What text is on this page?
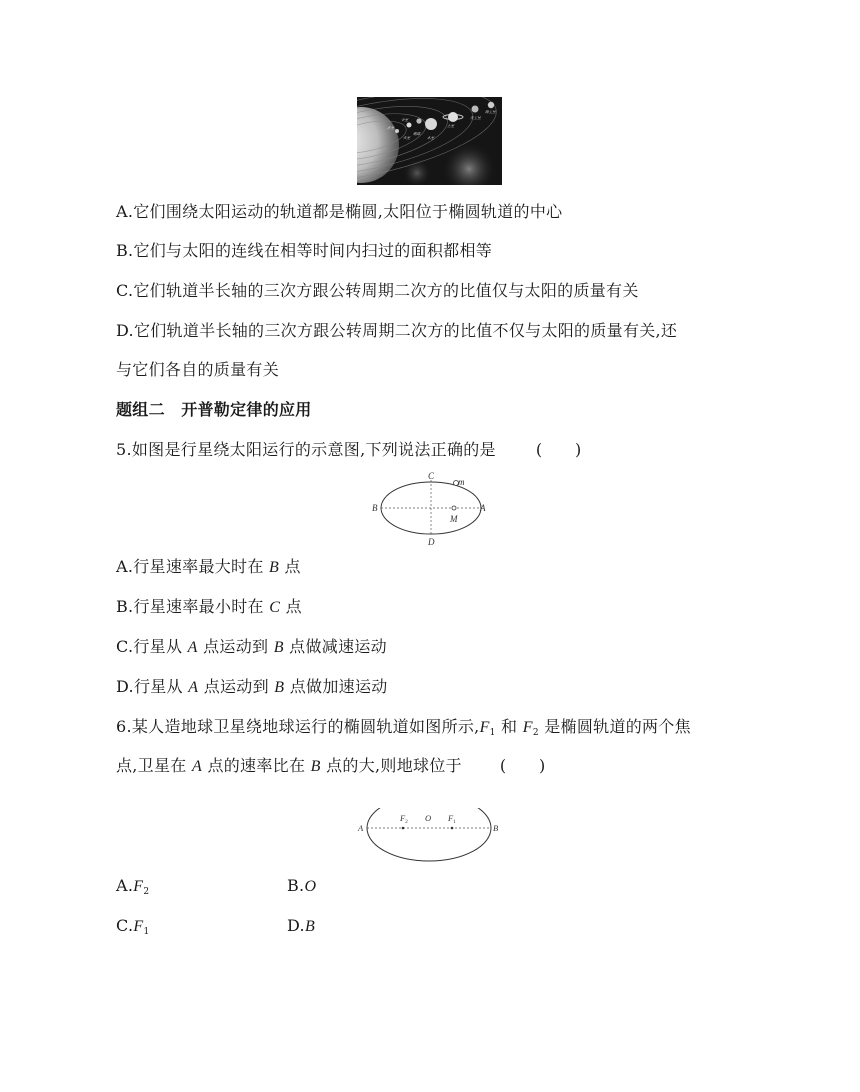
水星
金星
地球
火星	木星
土星
天王星
海王星
A.它们围绕太阳运动的轨道都是椭圆,太阳位于椭圆轨道的中心
B.它们与太阳的连线在相等时间内扫过的面积都相等
C.它们轨道半长轴的三次方跟公转周期二次方的比值仅与太阳的质量有关
D.它们轨道半长轴的三次方跟公转周期二次方的比值不仅与太阳的质量有关,还
与它们各自的质量有关
题组二　开普勒定律的应用
5.如图是行星绕太阳运行的示意图,下列说法正确的是	(　　)
C
m
B
M
A
D
A.行星速率最大时在 B 点
B.行星速率最小时在 C 点
C.行星从 A 点运动到 B 点做减速运动
D.行星从 A 点运动到 B 点做加速运动
6.某人造地球卫星绕地球运行的椭圆轨道如图所示$,F_1$ 和 $F_2$ 是椭圆轨道的两个焦
点,卫星在 A 点的速率比在 B 点的大,则地球位于 (　　)
A
$F_2$ O $F_1$
B
$A.F_2$	B.O
$C.F_1$	D.B
